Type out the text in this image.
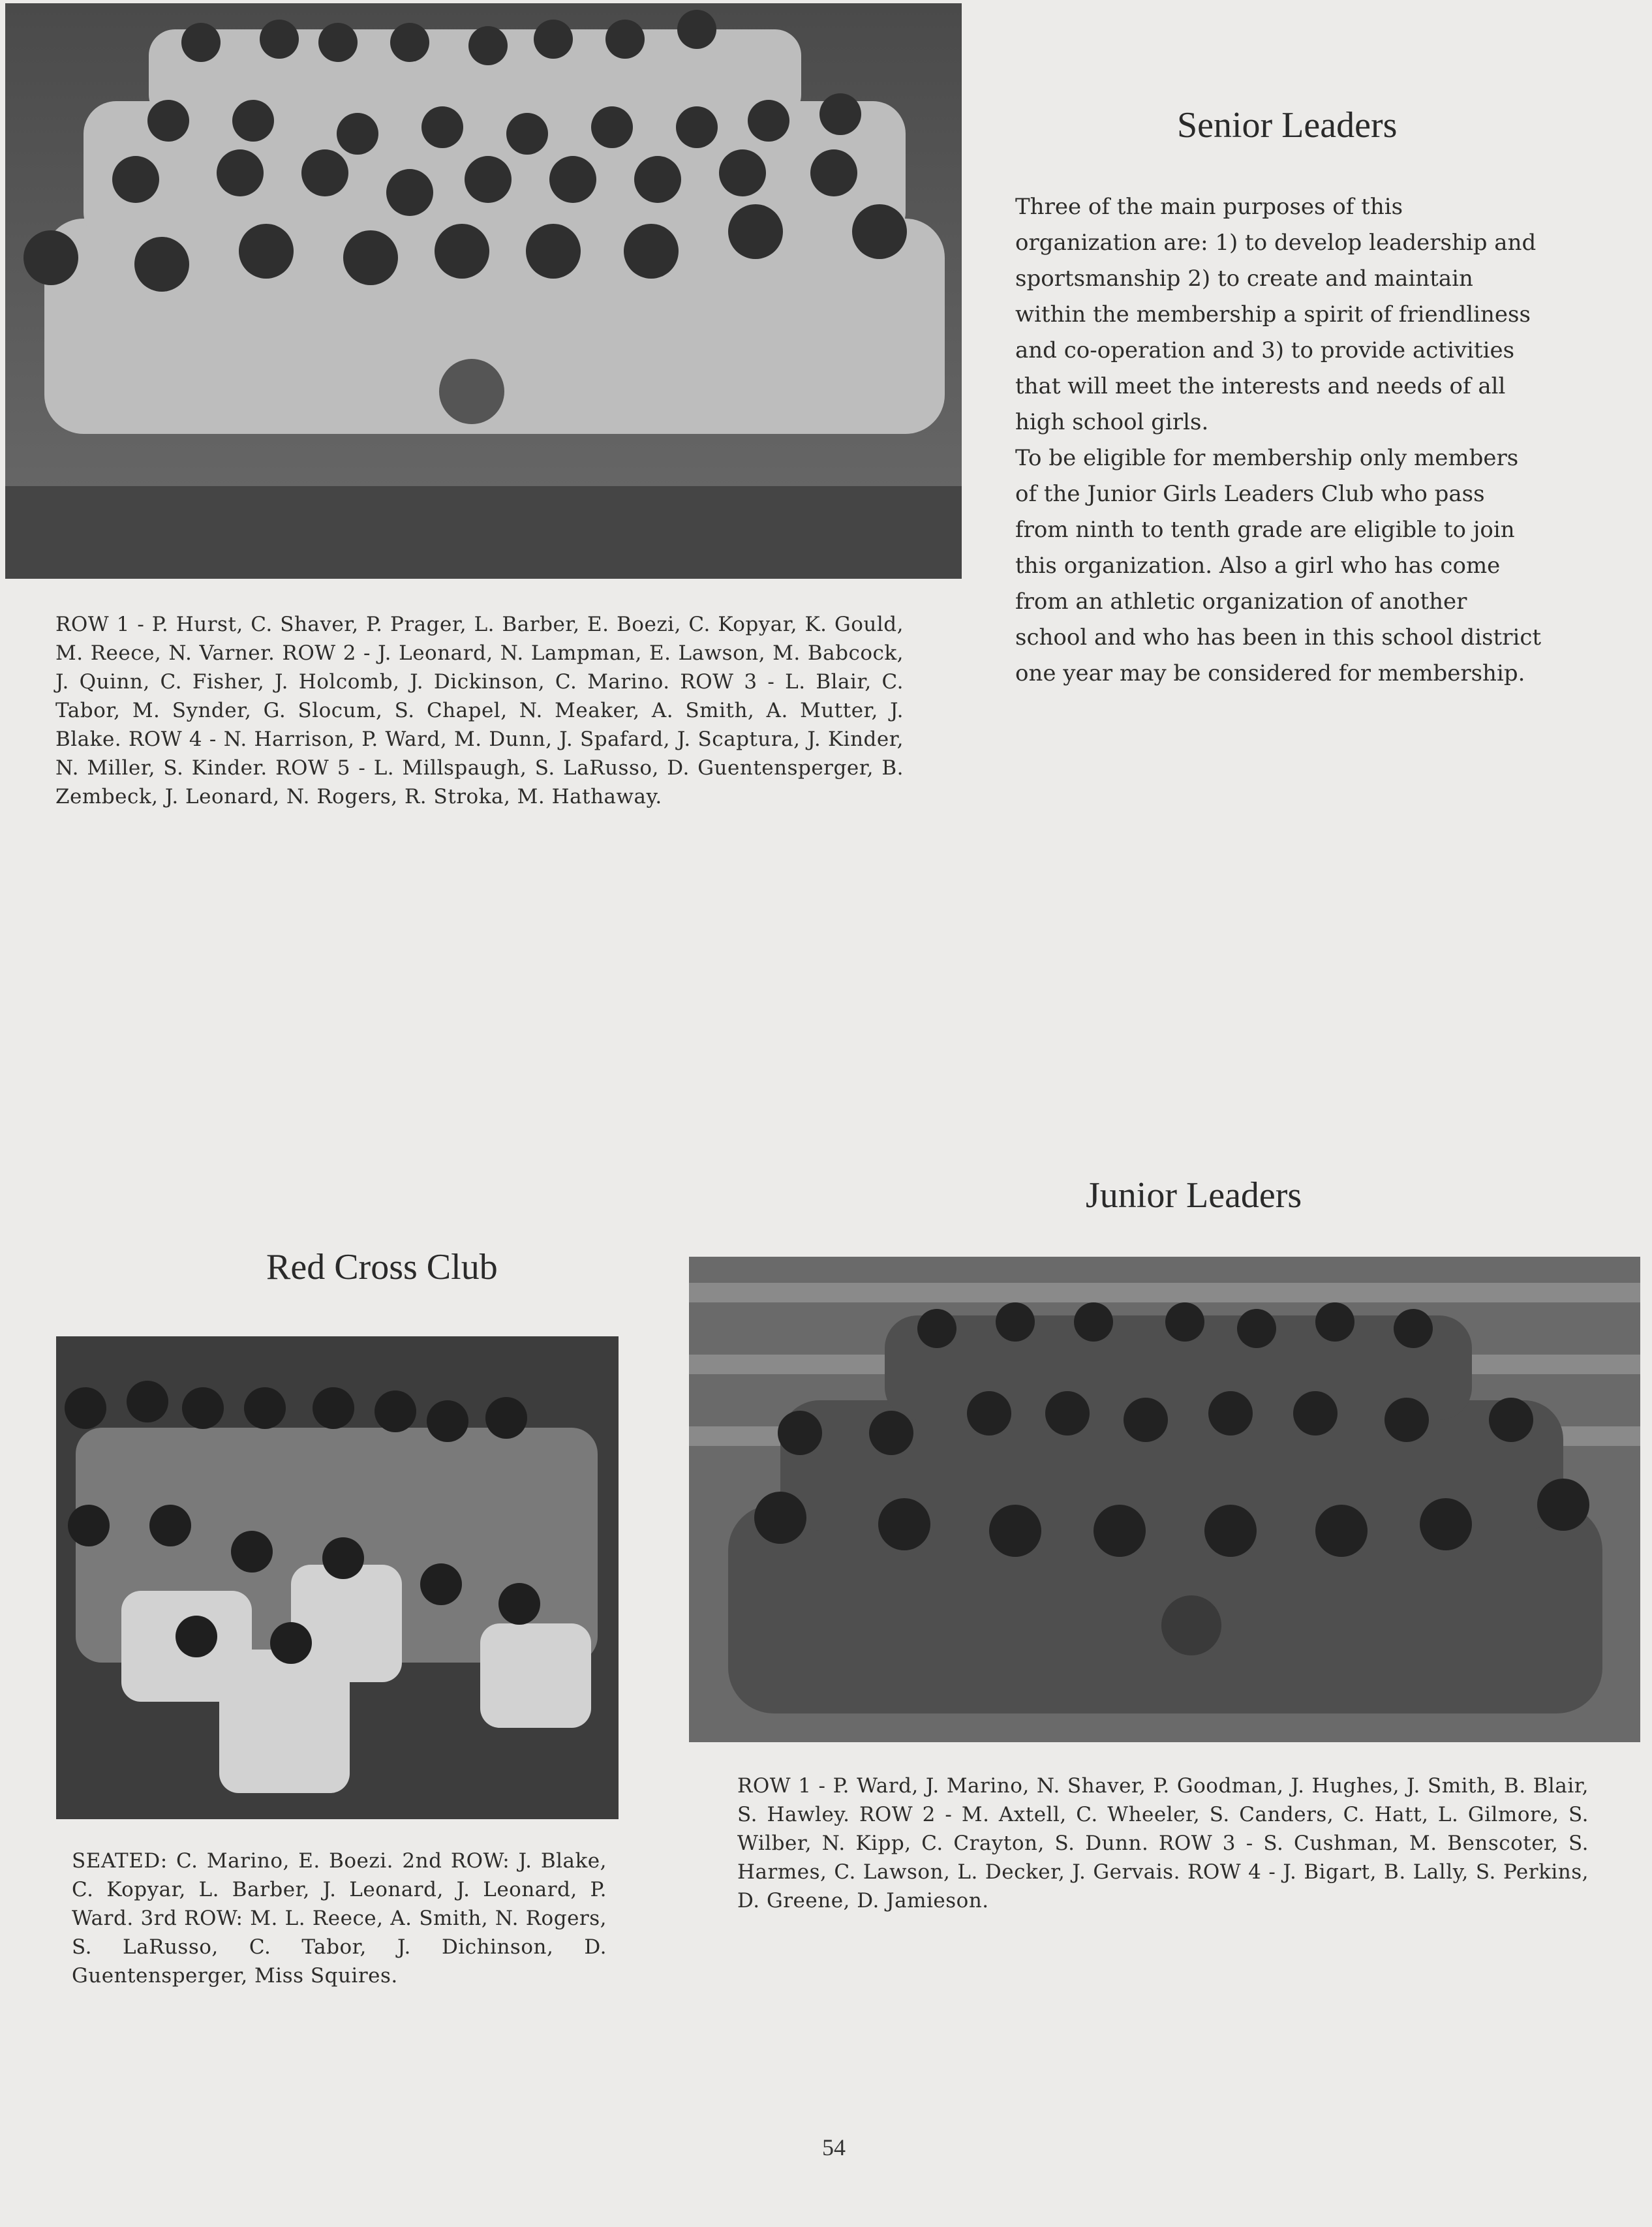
Senior Leaders

Three of the main purposes of this organization are: 1) to develop leadership and sportsmanship 2) to create and maintain within the membership a spirit of friendliness and co-operation and 3) to provide activities that will meet the interests and needs of all high school girls.

To be eligible for membership only members of the Junior Girls Leaders Club who pass from ninth to tenth grade are eligible to join this organization. Also a girl who has come from an athletic organization of another school and who has been in this school district one year may be considered for membership.

ROW 1 - P. Hurst, C. Shaver, P. Prager, L. Barber, E. Boezi, C. Kopyar, K. Gould, M. Reece, N. Varner. ROW 2 - J. Leonard, N. Lampman, E. Lawson, M. Babcock, J. Quinn, C. Fisher, J. Holcomb, J. Dickinson, C. Marino. ROW 3 - L. Blair, C. Tabor, M. Synder, G. Slocum, S. Chapel, N. Meaker, A. Smith, A. Mutter, J. Blake. ROW 4 - N. Harrison, P. Ward, M. Dunn, J. Spafard, J. Scaptura, J. Kinder, N. Miller, S. Kinder. ROW 5 - L. Millspaugh, S. LaRusso, D. Guentensperger, B. Zembeck, J. Leonard, N. Rogers, R. Stroka, M. Hathaway.
Junior Leaders
ROW 1 - P. Ward, J. Marino, N. Shaver, P. Goodman, J. Hughes, J. Smith, B. Blair, S. Hawley. ROW 2 - M. Axtell, C. Wheeler, S. Canders, C. Hatt, L. Gilmore, S. Wilber, N. Kipp, C. Crayton, S. Dunn. ROW 3 - S. Cushman, M. Benscoter, S. Harmes, C. Lawson, L. Decker, J. Gervais. ROW 4 - J. Bigart, B. Lally, S. Perkins, D. Greene, D. Jamieson.
Red Cross Club
SEATED: C. Marino, E. Boezi. 2nd ROW: J. Blake, C. Kopyar, L. Barber, J. Leonard, J. Leonard, P. Ward. 3rd ROW: M. L. Reece, A. Smith, N. Rogers, S. LaRusso, C. Tabor, J. Dichinson, D. Guentensperger, Miss Squires.
54
